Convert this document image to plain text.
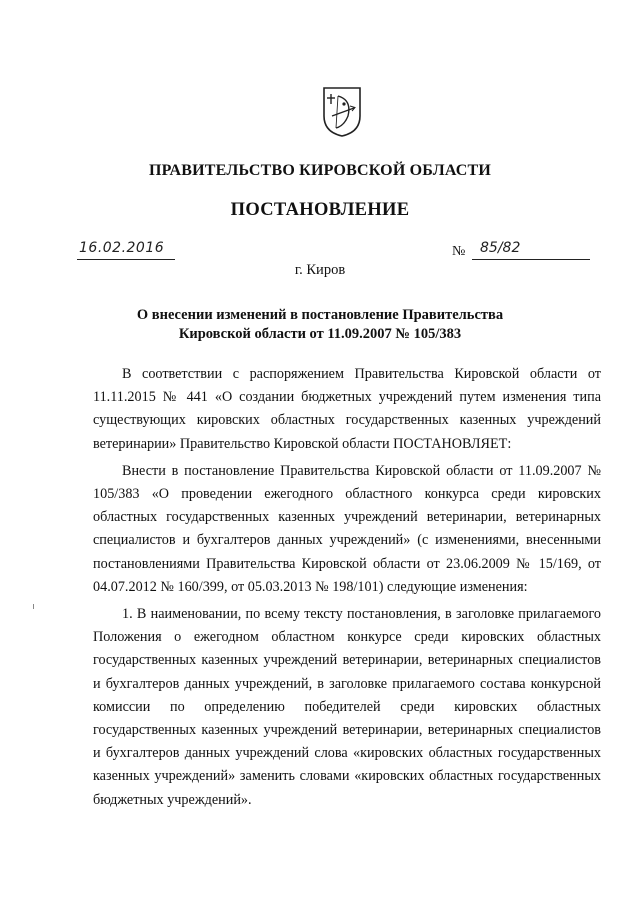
ПРАВИТЕЛЬСТВО КИРОВСКОЙ ОБЛАСТИ
ПОСТАНОВЛЕНИЕ
16.02.2016	№ 85/82
г. Киров
О внесении изменений в постановление Правительства
Кировской области от 11.09.2007 № 105/383

В соответствии с распоряжением Правительства Кировской области от 11.11.2015 № 441 «О создании бюджетных учреждений путем изменения типа существующих кировских областных государственных казенных учреждений ветеринарии» Правительство Кировской области ПОСТАНОВЛЯЕТ:

Внести в постановление Правительства Кировской области от 11.09.2007 № 105/383 «О проведении ежегодного областного конкурса среди кировских областных государственных казенных учреждений ветеринарии, ветеринарных специалистов и бухгалтеров данных учреждений» (с изменениями, внесенными постановлениями Правительства Кировской области от 23.06.2009 № 15/169, от 04.07.2012 № 160/399, от 05.03.2013 № 198/101) следующие изменения:

1. В наименовании, по всему тексту постановления, в заголовке прилагаемого Положения о ежегодном областном конкурсе среди кировских областных государственных казенных учреждений ветеринарии, ветеринарных специалистов и бухгалтеров данных учреждений, в заголовке прилагаемого состава конкурсной комиссии по определению победителей среди кировских областных государственных казенных учреждений ветеринарии, ветеринарных специалистов и бухгалтеров данных учреждений слова «кировских областных государственных казенных учреждений» заменить словами «кировских областных государственных бюджетных учреждений».
